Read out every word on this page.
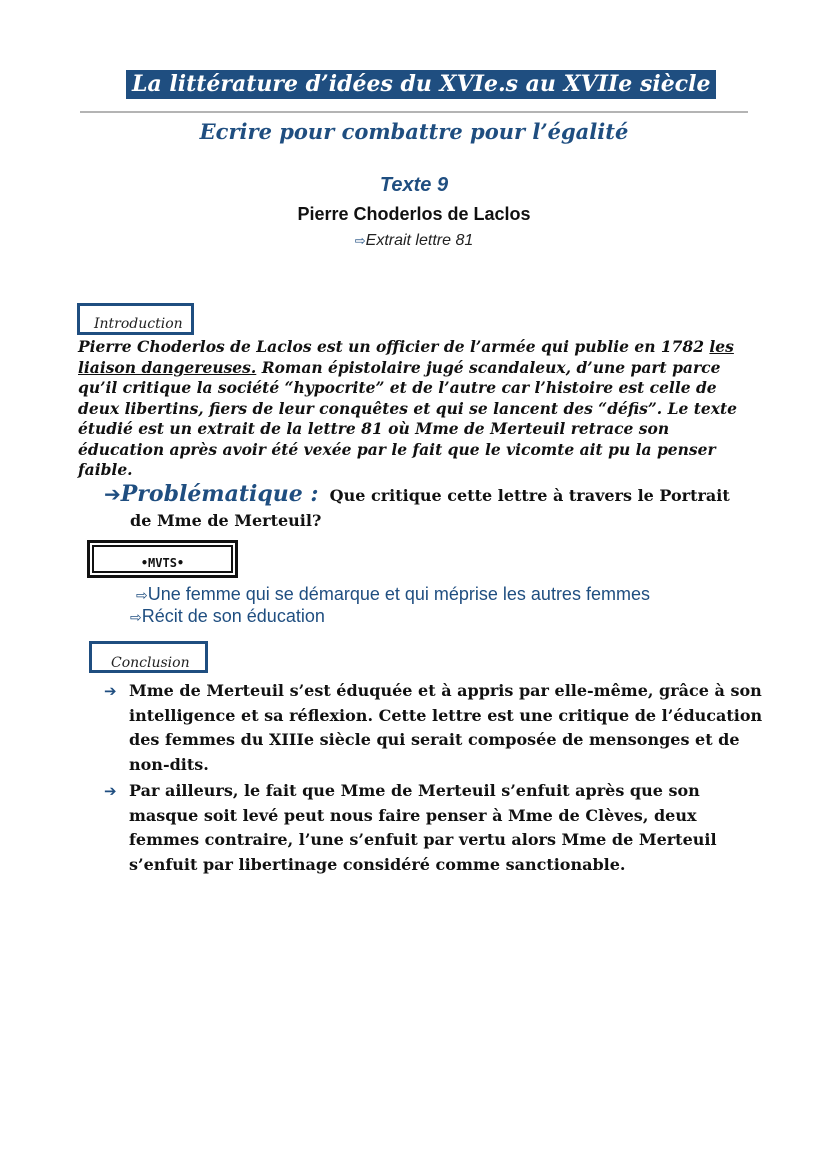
La littérature d’idées du XVIe.s au XVIIe siècle
Ecrire pour combattre pour l’égalité
Texte 9
Pierre Choderlos de Laclos
⇨Extrait lettre 81
Introduction
Pierre Choderlos de Laclos est un officier de l’armée qui publie en 1782 les liaison dangereuses. Roman épistolaire jugé scandaleux, d’une part parce qu’il critique la société “hypocrite” et de l’autre car l’histoire est celle de deux libertins, fiers de leur conquêtes et qui se lancent des “défis”. Le texte étudié est un extrait de la lettre 81 où Mme de Merteuil retrace son éducation après avoir été vexée par le fait que le vicomte ait pu la penser faible.
➔Problématique : Que critique cette lettre à travers le Portrait
de Mme de Merteuil?
•MVTS•
⇨Une femme qui se démarque et qui méprise les autres femmes
⇨Récit de son éducation
Conclusion
➔ Mme de Merteuil s’est éduquée et à appris par elle-même, grâce à son intelligence et sa réflexion. Cette lettre est une critique de l’éducation des femmes du XIIIe siècle qui serait composée de mensonges et de non-dits.
➔ Par ailleurs, le fait que Mme de Merteuil s’enfuit après que son masque soit levé peut nous faire penser à Mme de Clèves, deux femmes contraire, l’une s’enfuit par vertu alors Mme de Merteuil s’enfuit par libertinage considéré comme sanctionable.
